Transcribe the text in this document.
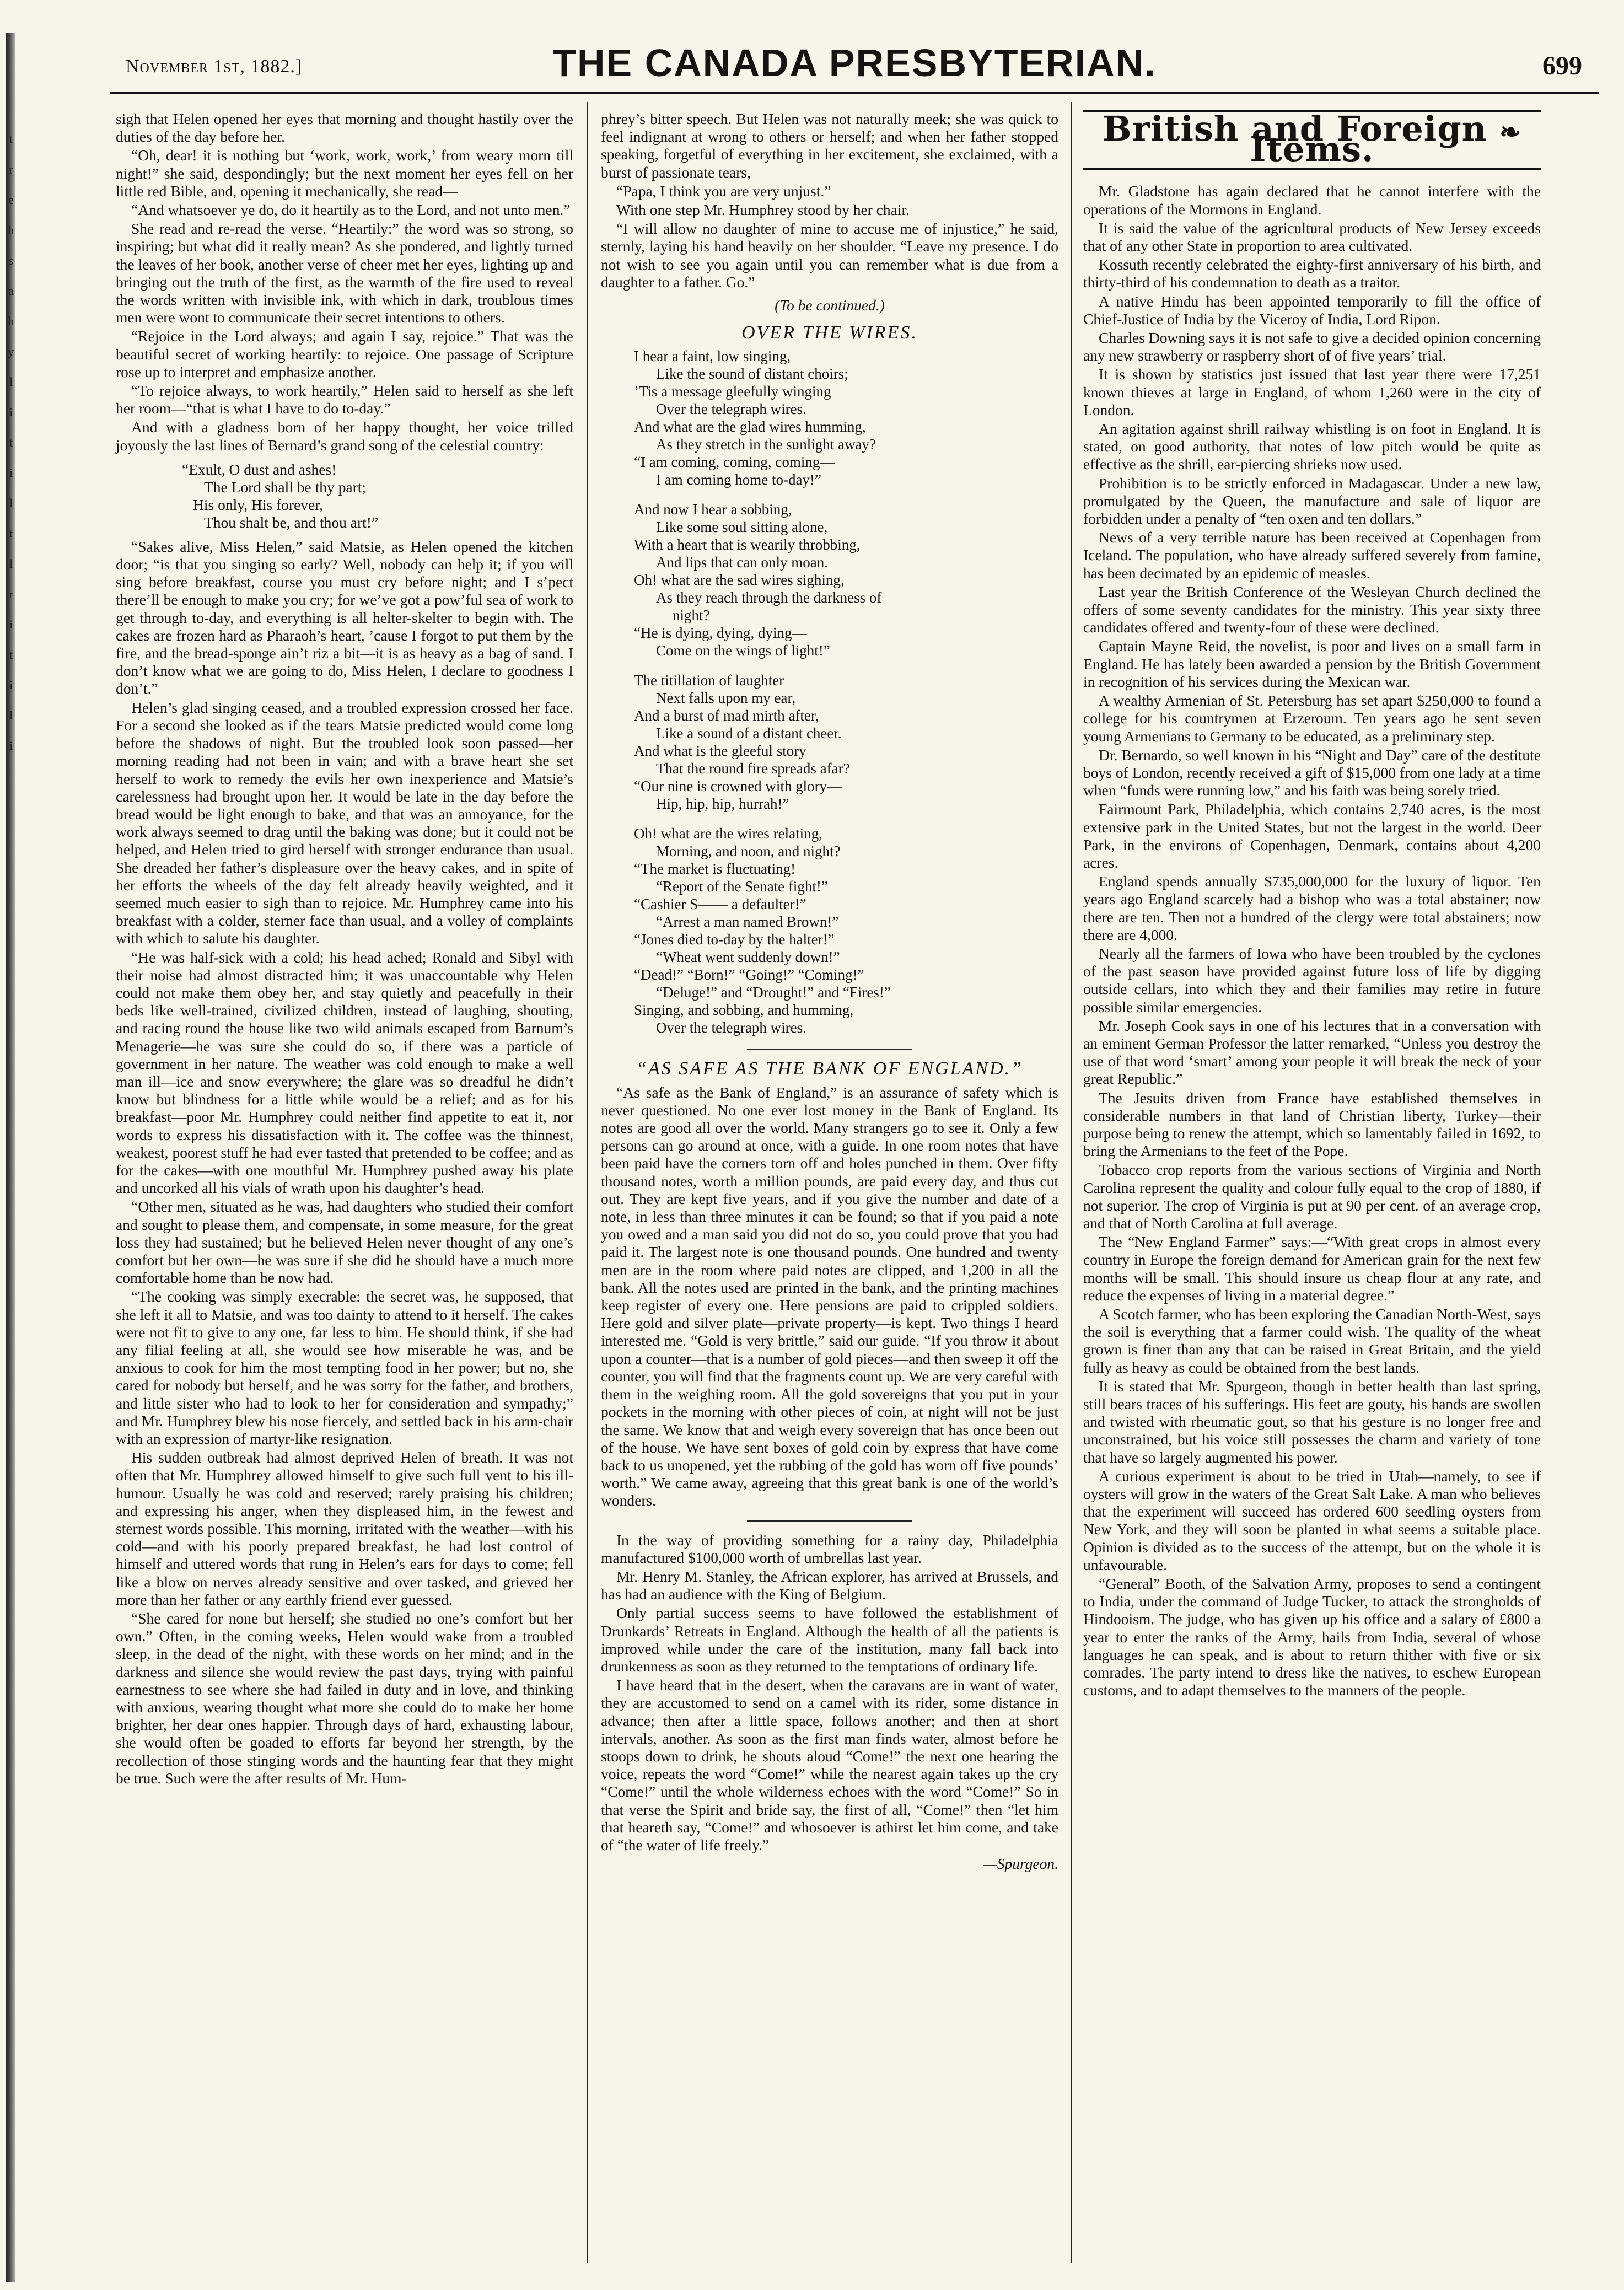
t
r
e
h
s
a
h
y
l
i
t
i
l
t
l
r
i
t
i
l
i
November 1st, 1882.]	THE CANADA PRESBYTERIAN.	699

sigh that Helen opened her eyes that morning and thought hastily over the duties of the day before her.

“Oh, dear! it is nothing but ‘work, work, work,’ from weary morn till night!” she said, despondingly; but the next moment her eyes fell on her little red Bible, and, opening it mechanically, she read—

“And whatsoever ye do, do it heartily as to the Lord, and not unto men.”

She read and re-read the verse. “Heartily:” the word was so strong, so inspiring; but what did it really mean? As she pondered, and lightly turned the leaves of her book, another verse of cheer met her eyes, lighting up and bringing out the truth of the first, as the warmth of the fire used to reveal the words written with invisible ink, with which in dark, troublous times men were wont to communicate their secret intentions to others.

“Rejoice in the Lord always; and again I say, rejoice.” That was the beautiful secret of working heartily: to rejoice. One passage of Scripture rose up to interpret and emphasize another.

“To rejoice always, to work heartily,” Helen said to herself as she left her room—“that is what I have to do to-day.”

And with a gladness born of her happy thought, her voice trilled joyously the last lines of Bernard’s grand song of the celestial country:

“Exult, O dust and ashes!
The Lord shall be thy part;
His only, His forever,
Thou shalt be, and thou art!”

“Sakes alive, Miss Helen,” said Matsie, as Helen opened the kitchen door; “is that you singing so early? Well, nobody can help it; if you will sing before breakfast, course you must cry before night; and I s’pect there’ll be enough to make you cry; for we’ve got a pow’ful sea of work to get through to-day, and everything is all helter-skelter to begin with. The cakes are frozen hard as Pharaoh’s heart, ’cause I forgot to put them by the fire, and the bread-sponge ain’t riz a bit—it is as heavy as a bag of sand. I don’t know what we are going to do, Miss Helen, I declare to goodness I don’t.”

Helen’s glad singing ceased, and a troubled expression crossed her face. For a second she looked as if the tears Matsie predicted would come long before the shadows of night. But the troubled look soon passed—her morning reading had not been in vain; and with a brave heart she set herself to work to remedy the evils her own inexperience and Matsie’s carelessness had brought upon her. It would be late in the day before the bread would be light enough to bake, and that was an annoyance, for the work always seemed to drag until the baking was done; but it could not be helped, and Helen tried to gird herself with stronger endurance than usual. She dreaded her father’s displeasure over the heavy cakes, and in spite of her efforts the wheels of the day felt already heavily weighted, and it seemed much easier to sigh than to rejoice. Mr. Humphrey came into his breakfast with a colder, sterner face than usual, and a volley of complaints with which to salute his daughter.

“He was half-sick with a cold; his head ached; Ronald and Sibyl with their noise had almost distracted him; it was unaccountable why Helen could not make them obey her, and stay quietly and peacefully in their beds like well-trained, civilized children, instead of laughing, shouting, and racing round the house like two wild animals escaped from Barnum’s Menagerie—he was sure she could do so, if there was a particle of government in her nature. The weather was cold enough to make a well man ill—ice and snow everywhere; the glare was so dreadful he didn’t know but blindness for a little while would be a relief; and as for his breakfast—poor Mr. Humphrey could neither find appetite to eat it, nor words to express his dissatisfaction with it. The coffee was the thinnest, weakest, poorest stuff he had ever tasted that pretended to be coffee; and as for the cakes—with one mouthful Mr. Humphrey pushed away his plate and uncorked all his vials of wrath upon his daughter’s head.

“Other men, situated as he was, had daughters who studied their comfort and sought to please them, and compensate, in some measure, for the great loss they had sustained; but he believed Helen never thought of any one’s comfort but her own—he was sure if she did he should have a much more comfortable home than he now had.

“The cooking was simply execrable: the secret was, he supposed, that she left it all to Matsie, and was too dainty to attend to it herself. The cakes were not fit to give to any one, far less to him. He should think, if she had any filial feeling at all, she would see how miserable he was, and be anxious to cook for him the most tempting food in her power; but no, she cared for nobody but herself, and he was sorry for the father, and brothers, and little sister who had to look to her for consideration and sympathy;” and Mr. Humphrey blew his nose fiercely, and settled back in his arm-chair with an expression of martyr-like resignation.

His sudden outbreak had almost deprived Helen of breath. It was not often that Mr. Humphrey allowed himself to give such full vent to his ill-humour. Usually he was cold and reserved; rarely praising his children; and expressing his anger, when they displeased him, in the fewest and sternest words possible. This morning, irritated with the weather—with his cold—and with his poorly prepared breakfast, he had lost control of himself and uttered words that rung in Helen’s ears for days to come; fell like a blow on nerves already sensitive and over tasked, and grieved her more than her father or any earthly friend ever guessed.

“She cared for none but herself; she studied no one’s comfort but her own.” Often, in the coming weeks, Helen would wake from a troubled sleep, in the dead of the night, with these words on her mind; and in the darkness and silence she would review the past days, trying with painful earnestness to see where she had failed in duty and in love, and thinking with anxious, wearing thought what more she could do to make her home brighter, her dear ones happier. Through days of hard, exhausting labour, she would often be goaded to efforts far beyond her strength, by the recollection of those stinging words and the haunting fear that they might be true. Such were the after results of Mr. Hum-

phrey’s bitter speech. But Helen was not naturally meek; she was quick to feel indignant at wrong to others or herself; and when her father stopped speaking, forgetful of everything in her excitement, she exclaimed, with a burst of passionate tears,

“Papa, I think you are very unjust.”

With one step Mr. Humphrey stood by her chair.

“I will allow no daughter of mine to accuse me of injustice,” he said, sternly, laying his hand heavily on her shoulder. “Leave my presence. I do not wish to see you again until you can remember what is due from a daughter to a father. Go.”

(To be continued.)
OVER THE WIRES.
I hear a faint, low singing,
Like the sound of distant choirs;
’Tis a message gleefully winging
Over the telegraph wires.
And what are the glad wires humming,
As they stretch in the sunlight away?
“I am coming, coming, coming—
I am coming home to-day!”
And now I hear a sobbing,
Like some soul sitting alone,
With a heart that is wearily throbbing,
And lips that can only moan.
Oh! what are the sad wires sighing,
As they reach through the darkness of
night?
“He is dying, dying, dying—
Come on the wings of light!”
The titillation of laughter
Next falls upon my ear,
And a burst of mad mirth after,
Like a sound of a distant cheer.
And what is the gleeful story
That the round fire spreads afar?
“Our nine is crowned with glory—
Hip, hip, hip, hurrah!”
Oh! what are the wires relating,
Morning, and noon, and night?
“The market is fluctuating!
“Report of the Senate fight!”
“Cashier S—— a defaulter!”
“Arrest a man named Brown!”
“Jones died to-day by the halter!”
“Wheat went suddenly down!”
“Dead!” “Born!” “Going!” “Coming!”
“Deluge!” and “Drought!” and “Fires!”
Singing, and sobbing, and humming,
Over the telegraph wires.
“AS SAFE AS THE BANK OF ENGLAND.”

“As safe as the Bank of England,” is an assurance of safety which is never questioned. No one ever lost money in the Bank of England. Its notes are good all over the world. Many strangers go to see it. Only a few persons can go around at once, with a guide. In one room notes that have been paid have the corners torn off and holes punched in them. Over fifty thousand notes, worth a million pounds, are paid every day, and thus cut out. They are kept five years, and if you give the number and date of a note, in less than three minutes it can be found; so that if you paid a note you owed and a man said you did not do so, you could prove that you had paid it. The largest note is one thousand pounds. One hundred and twenty men are in the room where paid notes are clipped, and 1,200 in all the bank. All the notes used are printed in the bank, and the printing machines keep register of every one. Here pensions are paid to crippled soldiers. Here gold and silver plate—private property—is kept. Two things I heard interested me. “Gold is very brittle,” said our guide. “If you throw it about upon a counter—that is a number of gold pieces—and then sweep it off the counter, you will find that the fragments count up. We are very careful with them in the weighing room. All the gold sovereigns that you put in your pockets in the morning with other pieces of coin, at night will not be just the same. We know that and weigh every sovereign that has once been out of the house. We have sent boxes of gold coin by express that have come back to us unopened, yet the rubbing of the gold has worn off five pounds’ worth.” We came away, agreeing that this great bank is one of the world’s wonders.

In the way of providing something for a rainy day, Philadelphia manufactured $100,000 worth of umbrellas last year.

Mr. Henry M. Stanley, the African explorer, has arrived at Brussels, and has had an audience with the King of Belgium.

Only partial success seems to have followed the establishment of Drunkards’ Retreats in England. Although the health of all the patients is improved while under the care of the institution, many fall back into drunkenness as soon as they returned to the temptations of ordinary life.

I have heard that in the desert, when the caravans are in want of water, they are accustomed to send on a camel with its rider, some distance in advance; then after a little space, follows another; and then at short intervals, another. As soon as the first man finds water, almost before he stoops down to drink, he shouts aloud “Come!” the next one hearing the voice, repeats the word “Come!” while the nearest again takes up the cry “Come!” until the whole wilderness echoes with the word “Come!” So in that verse the Spirit and bride say, the first of all, “Come!” then “let him that heareth say, “Come!” and whosoever is athirst let him come, and take of “the water of life freely.”

—Spurgeon.
British and Foreign ❧ Items.

Mr. Gladstone has again declared that he cannot interfere with the operations of the Mormons in England.

It is said the value of the agricultural products of New Jersey exceeds that of any other State in proportion to area cultivated.

Kossuth recently celebrated the eighty-first anniversary of his birth, and thirty-third of his condemnation to death as a traitor.

A native Hindu has been appointed temporarily to fill the office of Chief-Justice of India by the Viceroy of India, Lord Ripon.

Charles Downing says it is not safe to give a decided opinion concerning any new strawberry or raspberry short of of five years’ trial.

It is shown by statistics just issued that last year there were 17,251 known thieves at large in England, of whom 1,260 were in the city of London.

An agitation against shrill railway whistling is on foot in England. It is stated, on good authority, that notes of low pitch would be quite as effective as the shrill, ear-piercing shrieks now used.

Prohibition is to be strictly enforced in Madagascar. Under a new law, promulgated by the Queen, the manufacture and sale of liquor are forbidden under a penalty of “ten oxen and ten dollars.”

News of a very terrible nature has been received at Copenhagen from Iceland. The population, who have already suffered severely from famine, has been decimated by an epidemic of measles.

Last year the British Conference of the Wesleyan Church declined the offers of some seventy candidates for the ministry. This year sixty three candidates offered and twenty-four of these were declined.

Captain Mayne Reid, the novelist, is poor and lives on a small farm in England. He has lately been awarded a pension by the British Government in recognition of his services during the Mexican war.

A wealthy Armenian of St. Petersburg has set apart $250,000 to found a college for his countrymen at Erzeroum. Ten years ago he sent seven young Armenians to Germany to be educated, as a preliminary step.

Dr. Bernardo, so well known in his “Night and Day” care of the destitute boys of London, recently received a gift of $15,000 from one lady at a time when “funds were running low,” and his faith was being sorely tried.

Fairmount Park, Philadelphia, which contains 2,740 acres, is the most extensive park in the United States, but not the largest in the world. Deer Park, in the environs of Copenhagen, Denmark, contains about 4,200 acres.

England spends annually $735,000,000 for the luxury of liquor. Ten years ago England scarcely had a bishop who was a total abstainer; now there are ten. Then not a hundred of the clergy were total abstainers; now there are 4,000.

Nearly all the farmers of Iowa who have been troubled by the cyclones of the past season have provided against future loss of life by digging outside cellars, into which they and their families may retire in future possible similar emergencies.

Mr. Joseph Cook says in one of his lectures that in a conversation with an eminent German Professor the latter remarked, “Unless you destroy the use of that word ‘smart’ among your people it will break the neck of your great Republic.”

The Jesuits driven from France have established themselves in considerable numbers in that land of Christian liberty, Turkey—their purpose being to renew the attempt, which so lamentably failed in 1692, to bring the Armenians to the feet of the Pope.

Tobacco crop reports from the various sections of Virginia and North Carolina represent the quality and colour fully equal to the crop of 1880, if not superior. The crop of Virginia is put at 90 per cent. of an average crop, and that of North Carolina at full average.

The “New England Farmer” says:—“With great crops in almost every country in Europe the foreign demand for American grain for the next few months will be small. This should insure us cheap flour at any rate, and reduce the expenses of living in a material degree.”

A Scotch farmer, who has been exploring the Canadian North-West, says the soil is everything that a farmer could wish. The quality of the wheat grown is finer than any that can be raised in Great Britain, and the yield fully as heavy as could be obtained from the best lands.

It is stated that Mr. Spurgeon, though in better health than last spring, still bears traces of his sufferings. His feet are gouty, his hands are swollen and twisted with rheumatic gout, so that his gesture is no longer free and unconstrained, but his voice still possesses the charm and variety of tone that have so largely augmented his power.

A curious experiment is about to be tried in Utah—namely, to see if oysters will grow in the waters of the Great Salt Lake. A man who believes that the experiment will succeed has ordered 600 seedling oysters from New York, and they will soon be planted in what seems a suitable place. Opinion is divided as to the success of the attempt, but on the whole it is unfavourable.

“General” Booth, of the Salvation Army, proposes to send a contingent to India, under the command of Judge Tucker, to attack the strongholds of Hindooism. The judge, who has given up his office and a salary of £800 a year to enter the ranks of the Army, hails from India, several of whose languages he can speak, and is about to return thither with five or six comrades. The party intend to dress like the natives, to eschew European customs, and to adapt themselves to the manners of the people.
